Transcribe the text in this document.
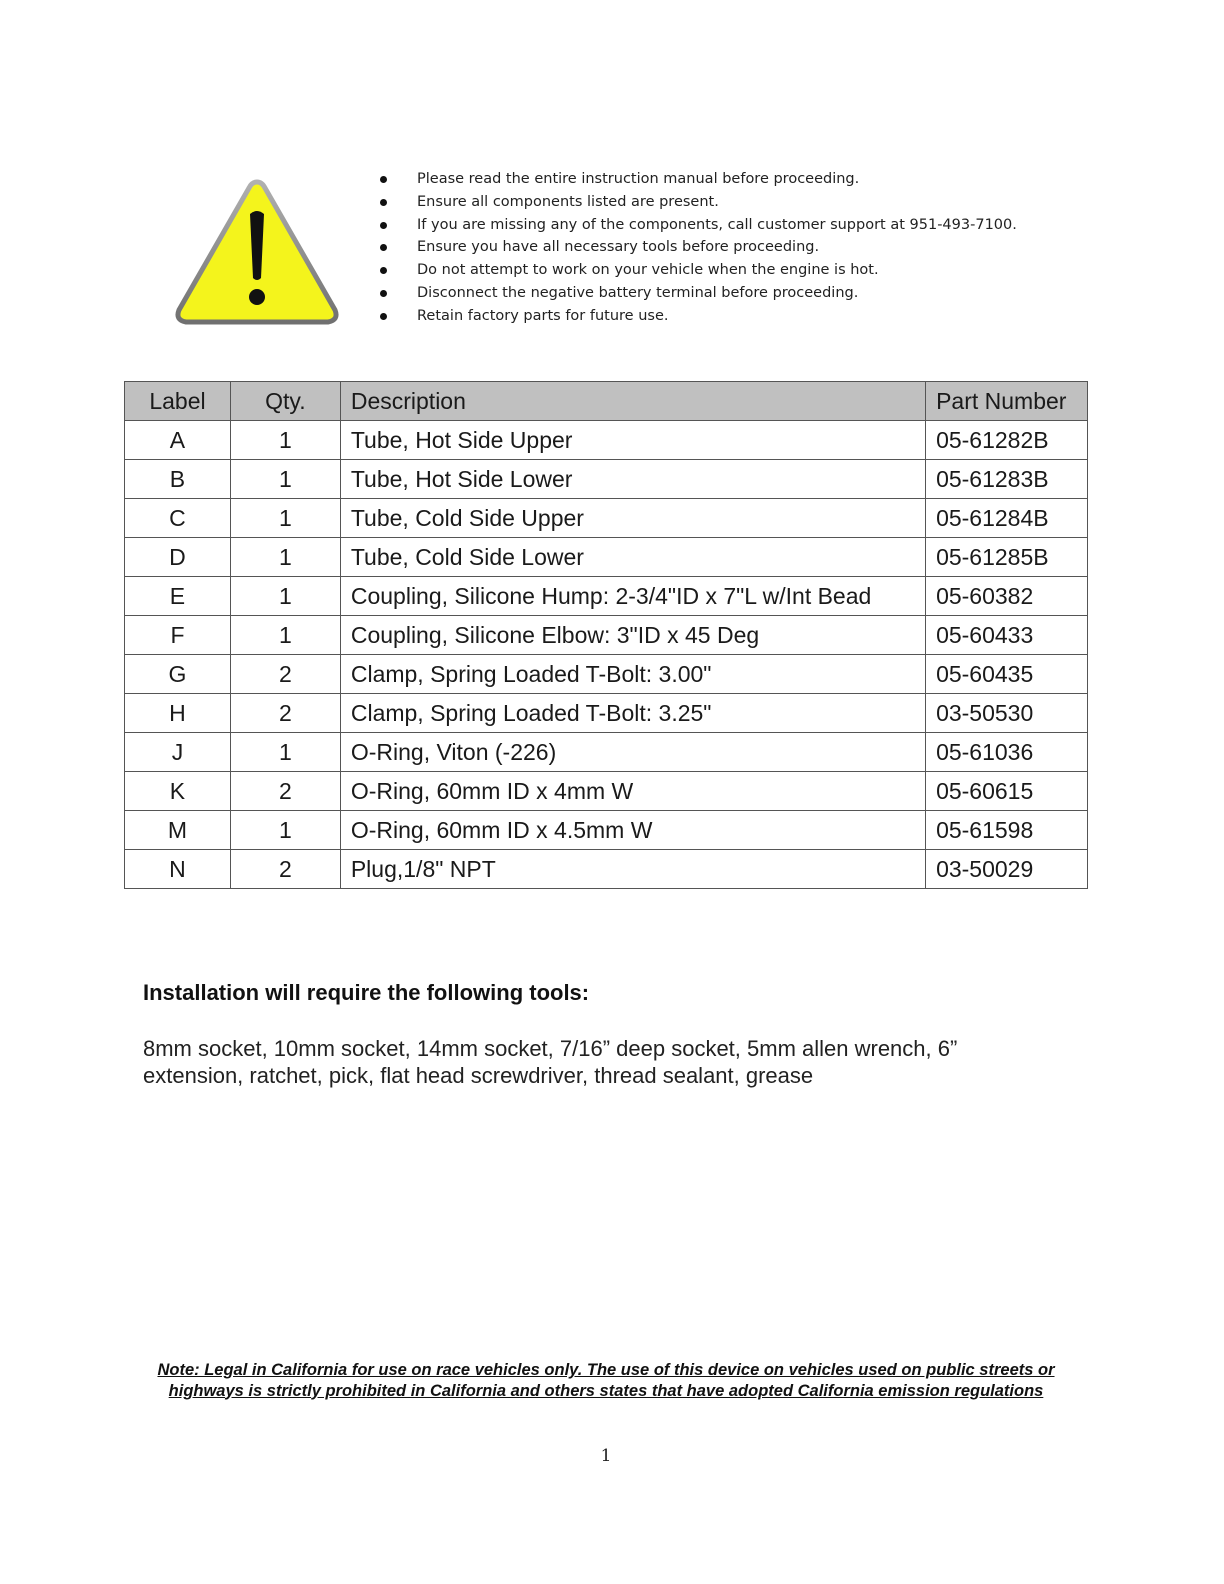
Please read the entire instruction manual before proceeding.
Ensure all components listed are present.
If you are missing any of the components, call customer support at 951-493-7100.
Ensure you have all necessary tools before proceeding.
Do not attempt to work on your vehicle when the engine is hot.
Disconnect the negative battery terminal before proceeding.
Retain factory parts for future use.
Label	Qty.	Description	Part Number
A	1	Tube, Hot Side Upper	05-61282B
B	1	Tube, Hot Side Lower	05-61283B
C	1	Tube, Cold Side Upper	05-61284B
D	1	Tube, Cold Side Lower	05-61285B
E	1	Coupling, Silicone Hump: 2-3/4"ID x 7"L w/Int Bead	05-60382
F	1	Coupling, Silicone Elbow: 3"ID x 45 Deg	05-60433
G	2	Clamp, Spring Loaded T-Bolt: 3.00"	05-60435
H	2	Clamp, Spring Loaded T-Bolt: 3.25"	03-50530
J	1	O-Ring, Viton (-226)	05-61036
K	2	O-Ring, 60mm ID x 4mm W	05-60615
M	1	O-Ring, 60mm ID x 4.5mm W	05-61598
N	2	Plug,1/8" NPT	03-50029
Installation will require the following tools:

8mm socket, 10mm socket, 14mm socket, 7/16” deep socket, 5mm allen wrench, 6” extension, ratchet, pick, flat head screwdriver, thread sealant, grease

Note: Legal in California for use on race vehicles only. The use of this device on vehicles used on public streets or highways is strictly prohibited in California and others states that have adopted California emission regulations

1
